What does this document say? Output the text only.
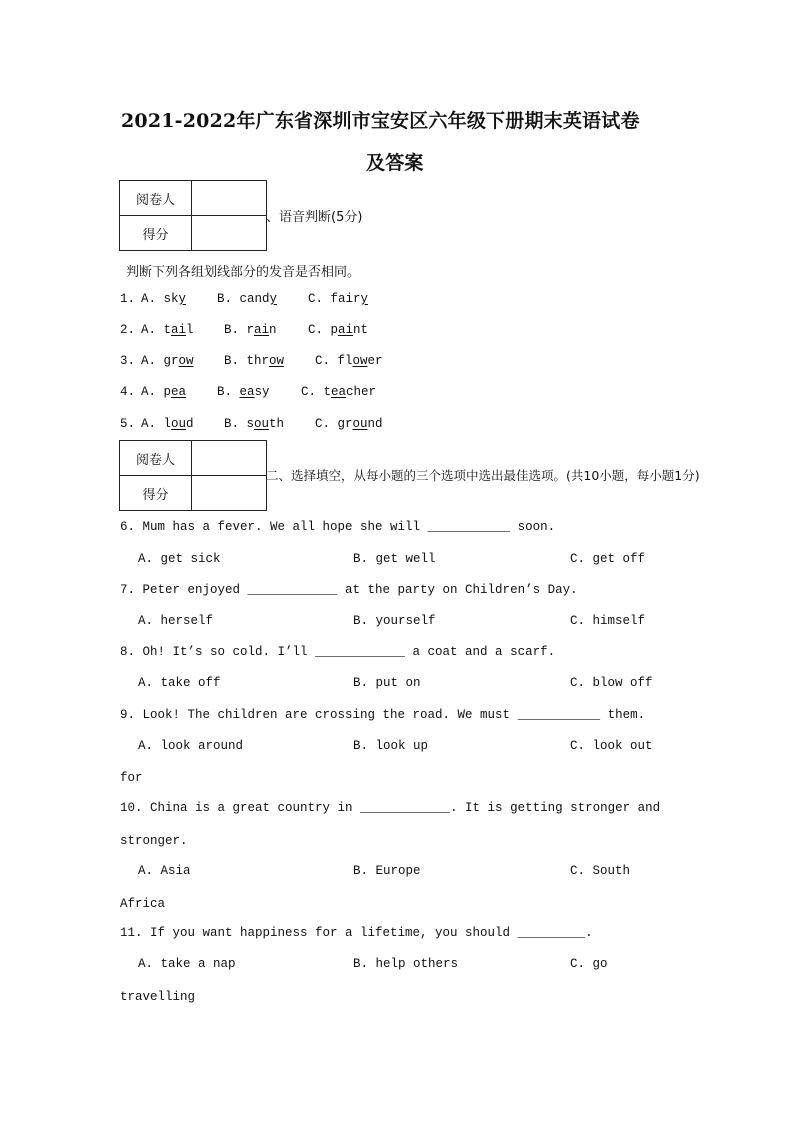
2021-2022年广东省深圳市宝安区六年级下册期末英语试卷
及答案
阅卷人	
得分	
、语音判断(5分)
判断下列各组划线部分的发音是否相同。
1. A. sky B. candy C. fairy
2. A. tail B. rain	C. paint
3. A. grow B. throw C. flower
4. A. pea B. easy	C. teacher
5. A. loud B. south C. ground
阅卷人	
得分	
二、选择填空，从每小题的三个选项中选出最佳选项。(共10小题，每小题1分)
6. Mum has a fever. We all hope she will ___________ soon.
A. get sick	B. get well	C. get off
7. Peter enjoyed ____________ at the party on Children’s Day.
A. herself	B. yourself	C. himself
8. Oh! It’s so cold. I’ll ____________ a coat and a scarf.
A. take off	B. put on	C. blow off
9. Look! The children are crossing the road. We must ___________ them.
A. look around	B. look up	C. look out
for
10. China is a great country in ____________. It is getting stronger and
stronger.
A. Asia	B. Europe	C. South
Africa
11. If you want happiness for a lifetime, you should _________.
A. take a nap	B. help others	C. go
travelling
